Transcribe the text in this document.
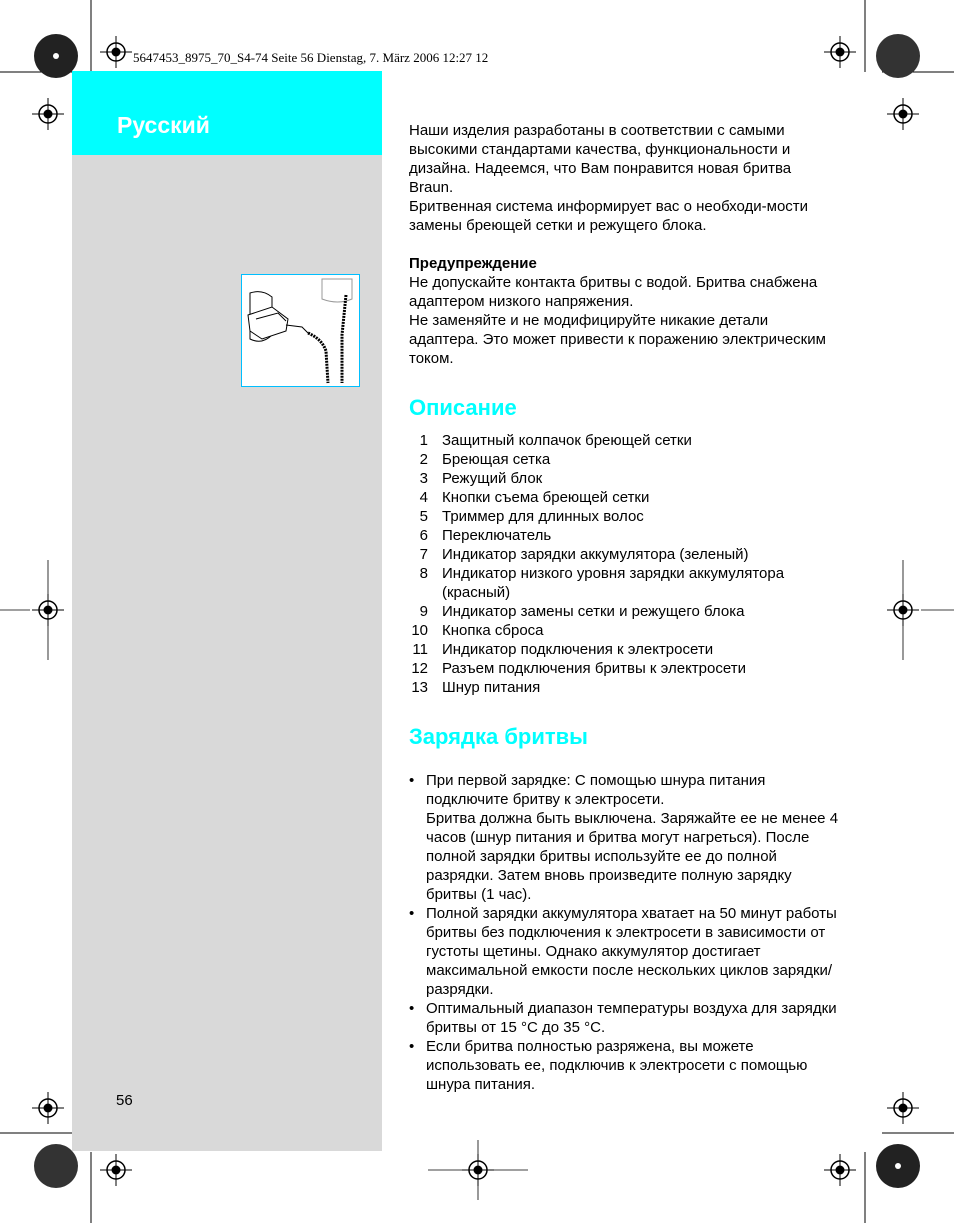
5647453_8975_70_S4-74 Seite 56 Dienstag, 7. März 2006 12:27 12
Русский
56

Наши изделия разработаны в соответствии с самыми высокими стандартами качества, функциональности и дизайна. Надеемся, что Вам понравится новая бритва Braun.

Бритвенная система информирует вас о необходи-мости замены бреющей сетки и режущего блока.

Предупреждение

Не допускайте контакта бритвы с водой. Бритва снабжена адаптером низкого напряжения.

Не заменяйте и не модифицируйте никакие детали адаптера. Это может привести к поражению электрическим током.

Описание
1 Защитный колпачок бреющей сетки
2 Бреющая сетка
3 Режущий блок
4 Кнопки съема бреющей сетки
5 Триммер для длинных волос
6 Переключатель
7 Индикатор зарядки аккумулятора (зеленый)
8 Индикатор низкого уровня зарядки аккумулятора (красный)
9 Индикатор замены сетки и режущего блока
10 Кнопка сброса
11 Индикатор подключения к электросети
12 Разъем подключения бритвы к электросети
13 Шнур питания
Зарядка бритвы
• При первой зарядке: С помощью шнура питания подключите бритву к электросети.
Бритва должна быть выключена. Заряжайте ее не менее 4 часов (шнур питания и бритва могут нагреться). После полной зарядки бритвы используйте ее до полной разрядки. Затем вновь произведите полную зарядку бритвы (1 час).
• Полной зарядки аккумулятора хватает на 50 минут работы бритвы без подключения к электросети в зависимости от густоты щетины. Однако аккумулятор достигает максимальной емкости после нескольких циклов зарядки/разрядки.
• Оптимальный диапазон температуры воздуха для зарядки бритвы от 15 °C до 35 °C.
• Если бритва полностью разряжена, вы можете использовать ее, подключив к электросети с помощью шнура питания.
